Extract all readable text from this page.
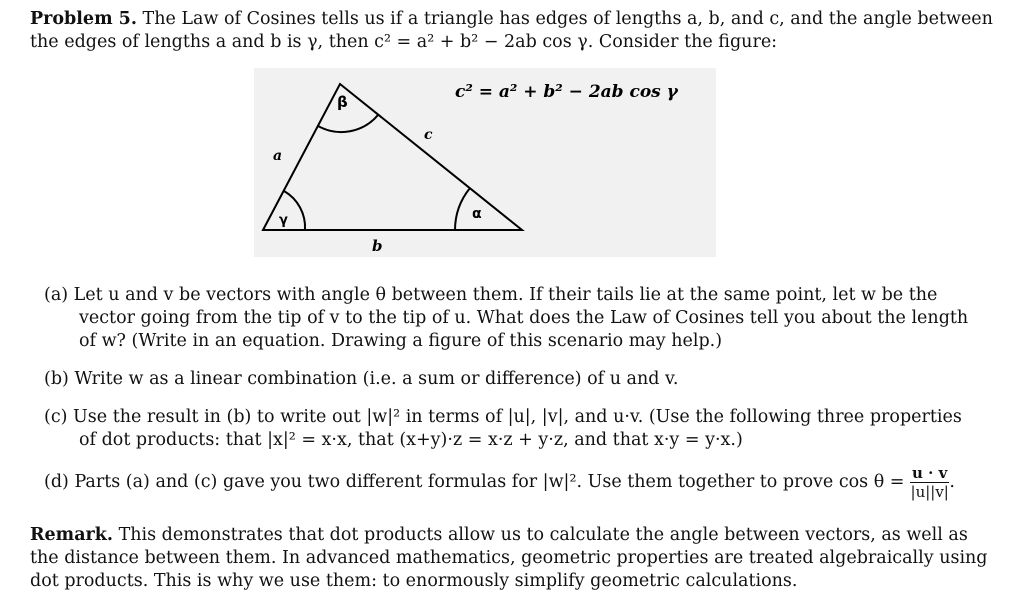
Problem 5. The Law of Cosines tells us if a triangle has edges of lengths a, b, and c, and the angle between
the edges of lengths a and b is γ, then c² = a² + b² − 2ab cos γ. Consider the figure:
β
c
a
γ	α
b
c² = a² + b² − 2ab cos γ
(a) Let u and v be vectors with angle θ between them. If their tails lie at the same point, let w be the
vector going from the tip of v to the tip of u. What does the Law of Cosines tell you about the length
of w? (Write in an equation. Drawing a figure of this scenario may help.)
(b) Write w as a linear combination (i.e. a sum or difference) of u and v.
(c) Use the result in (b) to write out |w|² in terms of |u|, |v|, and u·v. (Use the following three properties
of dot products: that |x|² = x·x, that (x+y)·z = x·z + y·z, and that x·y = y·x.)
(d) Parts (a) and (c) gave you two different formulas for |w|². Use them together to prove $\cos \theta = \frac{u \cdot v}{|u||v|}$ .
Remark. This demonstrates that dot products allow us to calculate the angle between vectors, as well as
the distance between them. In advanced mathematics, geometric properties are treated algebraically using
dot products. This is why we use them: to enormously simplify geometric calculations.
